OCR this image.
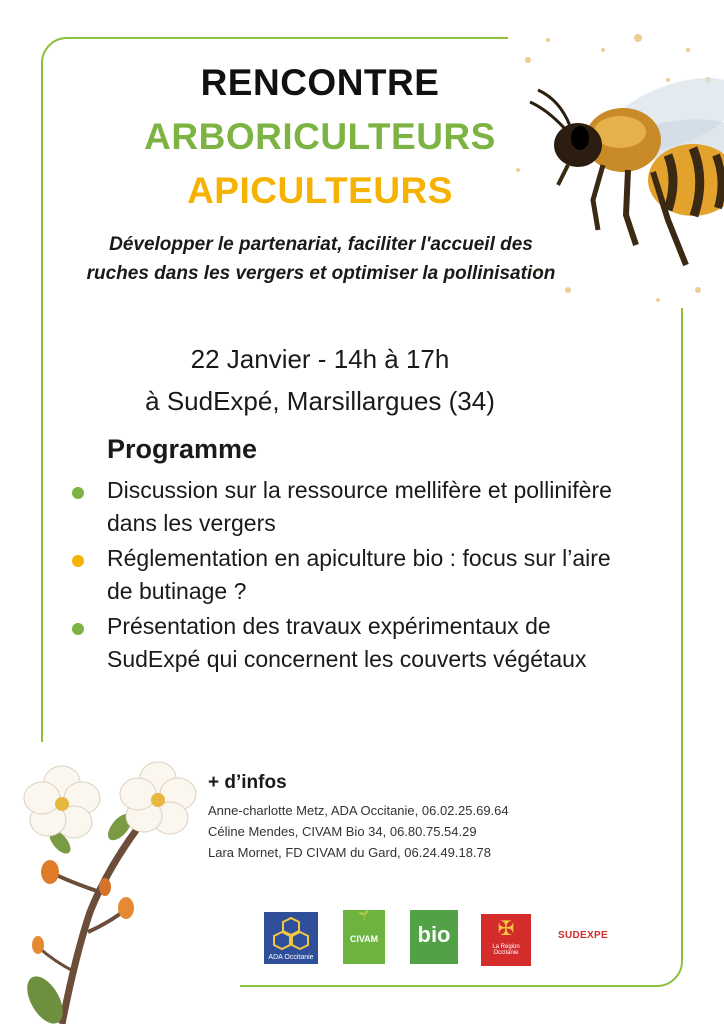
RENCONTRE
ARBORICULTEURS
APICULTEURS
Développer le partenariat, faciliter l'accueil des ruches dans les vergers et optimiser la pollinisation
22 Janvier - 14h à 17h
à SudExpé, Marsillargues (34)
Programme
Discussion sur la ressource mellifère et pollinifère dans les vergers
Réglementation en apiculture bio : focus sur l’aire de butinage ?
Présentation des travaux expérimentaux de SudExpé qui concernent les couverts végétaux
+ d’infos
Anne-charlotte Metz, ADA Occitanie, 06.02.25.69.64
Céline Mendes, CIVAM Bio 34, 06.80.75.54.29
Lara Mornet, FD CIVAM du Gard, 06.24.49.18.78
ADA Occitanie
🌱
CIVAM	bio	✠
La Région Occitanie
SUDEXPE
